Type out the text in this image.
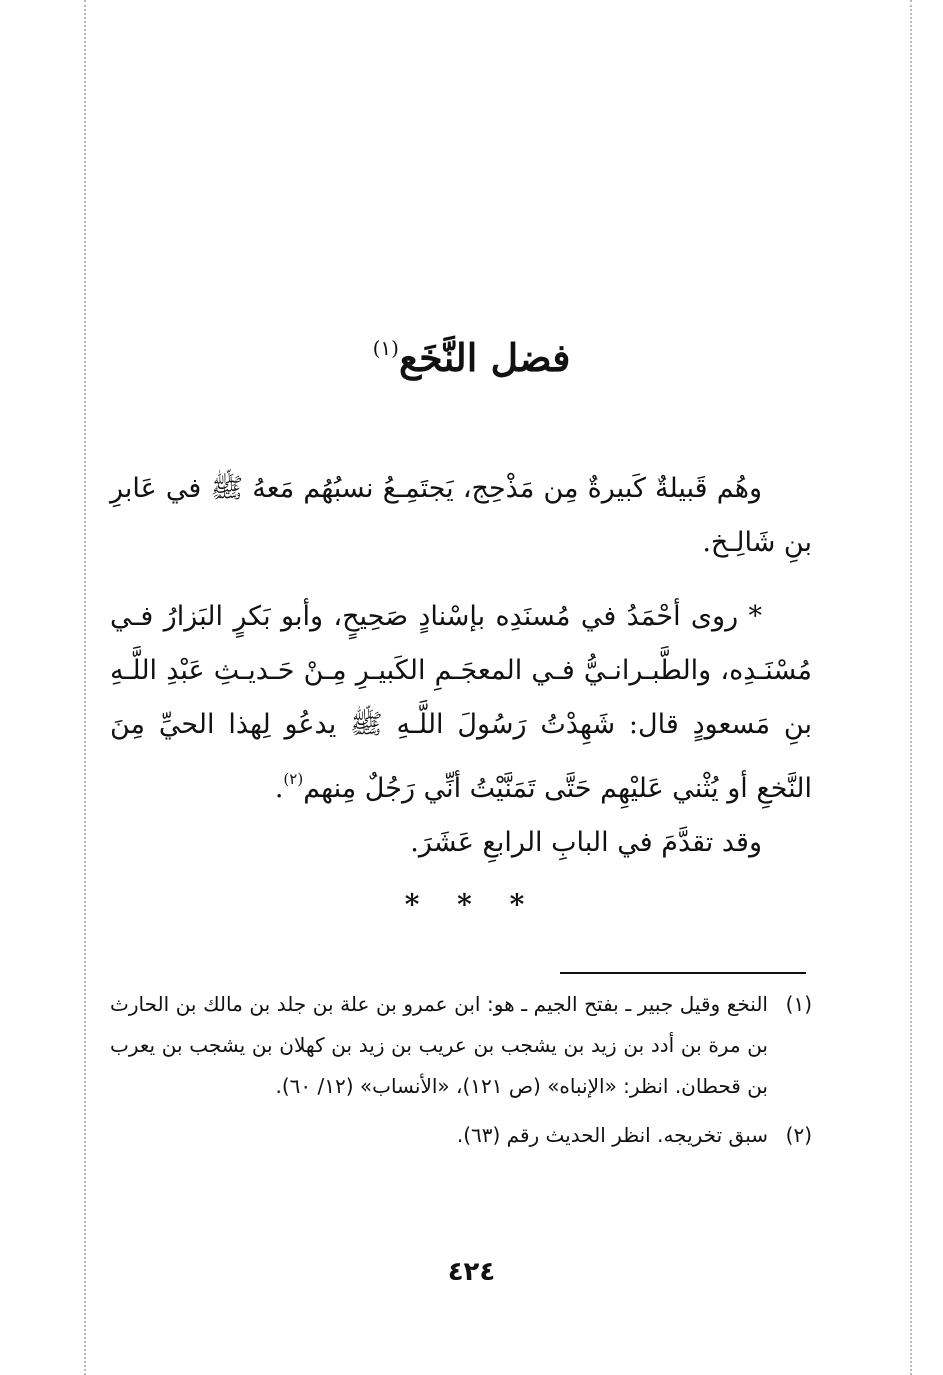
فضل النَّخَع$^{(١)}$

وهُم قَبيلةٌ كَبيرةٌ مِن مَذْحِج، يَجتَمِـعُ نسبُهُم مَعهُ ﷺ في عَابرِ بنِ شَالِـخ.

* روى أحْمَدُ في مُسنَدِه بإسْنادٍ صَحِيحٍ، وأبو بَكرٍ البَزارُ فـي مُسْنَـدِه، والطَّبـرانـيُّ فـي المعجَـمِ الكَبيـرِ مِـنْ حَـديـثِ عَبْدِ اللَّـهِ بنِ مَسعودٍ قال: شَهِدْتُ رَسُولَ اللَّـهِ ﷺ يدعُو لِهذا الحيِّ مِنَ النَّخعِ أو يُثْني عَليْهِم حَتَّى تَمَنَّيْتُ أنِّي رَجُلٌ مِنهم$^{(٢)}$.

وقد تقدَّمَ في البابِ الرابعِ عَشَرَ.

* * *

(١)النخع وقيل جبير ـ بفتح الجيم ـ هو: ابن عمرو بن علة بن جلد بن مالك بن الحارث بن مرة بن أدد بن زيد بن يشجب بن عريب بن زيد بن كهلان بن يشجب بن يعرب بن قحطان. انظر: «الإنباه» (ص ١٢١)، «الأنساب» (١٢/ ٦٠).

(٢)سبق تخريجه. انظر الحديث رقم (٦٣).

٤٢٤
